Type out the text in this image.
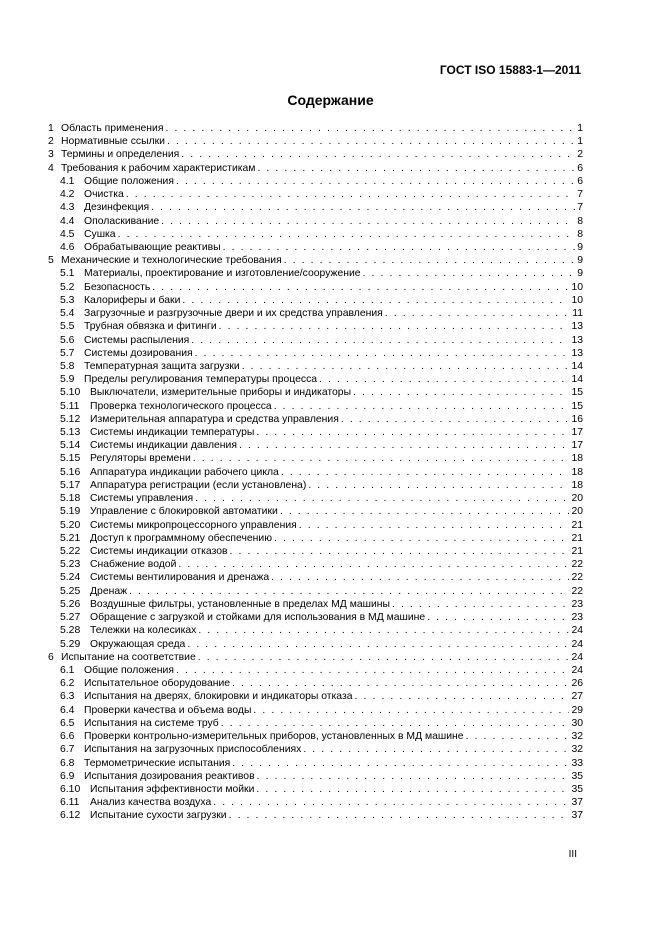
ГОСТ ISO 15883-1—2011
Содержание
1 Область применения . . .	1
2 Нормативные ссылки . . .	1
3 Термины и определения . . .	2
4 Требования к рабочим характеристикам . . .	6
4.1 Общие положения . . .	6
4.2 Очистка . . .	7
4.3 Дезинфекция . . .	7
4.4 Ополаскивание . . .	8
4.5 Сушка . . .	8
4.6 Обрабатывающие реактивы . . .	9
5 Механические и технологические требования . . .	9
5.1 Материалы, проектирование и изготовление/сооружение . . .	9
5.2 Безопасность . . .	10
5.3 Калориферы и баки . . .	10
5.4 Загрузочные и разгрузочные двери и их средства управления . . .	11
5.5 Трубная обвязка и фитинги . . .	13
5.6 Системы распыления . . .	13
5.7 Системы дозирования . . .	13
5.8 Температурная защита загрузки . . .	14
5.9 Пределы регулирования температуры процесса . . .	14
5.10 Выключатели, измерительные приборы и индикаторы . . .	15
5.11	Проверка технологического процесса . . .	15
5.12 Измерительная аппаратура и средства управления . . .	16
5.13 Системы индикации температуры . . .	17
5.14 Системы индикации давления . . .	17
5.15 Регуляторы времени . . .	18
5.16 Аппаратура индикации рабочего цикла . . .	18
5.17 Аппаратура регистрации (если установлена) . . .	18
5.18 Системы управления . . .	20
5.19 Управление с блокировкой автоматики . . .	20
5.20 Системы микропроцессорного управления . . .	21
5.21 Доступ к программному обеспечению . . .	21
5.22 Системы индикации отказов . . .	21
5.23 Снабжение водой . . .	22
5.24 Системы вентилирования и дренажа . . .	22
5.25 Дренаж . . .	22
5.26 Воздушные фильтры, установленные в пределах МД машины . . .	23
5.27 Обращение с загрузкой и стойками для использования в МД машине . . .	23
5.28 Тележки на колесиках . . .	24
5.29 Окружающая среда . . .	24
6 Испытание на соответствие . . .	24
6.1 Общие положения . . .	24
6.2 Испытательное оборудование . . .	26
6.3 Испытания на дверях, блокировки и индикаторы отказа . . .	27
6.4 Проверки качества и объема воды . . .	29
6.5 Испытания на системе труб . . .	30
6.6 Проверки контрольно-измерительных приборов, установленных в МД машине . . .	32
6.7 Испытания на загрузочных приспособлениях . . .	32
6.8 Термометрические испытания . . .	33
6.9 Испытания дозирования реактивов . . .	35
6.10 Испытания эффективности мойки . . .	35
6.11	Анализ качества воздуха . . .	37
6.12 Испытание сухости загрузки . . .	37
III
